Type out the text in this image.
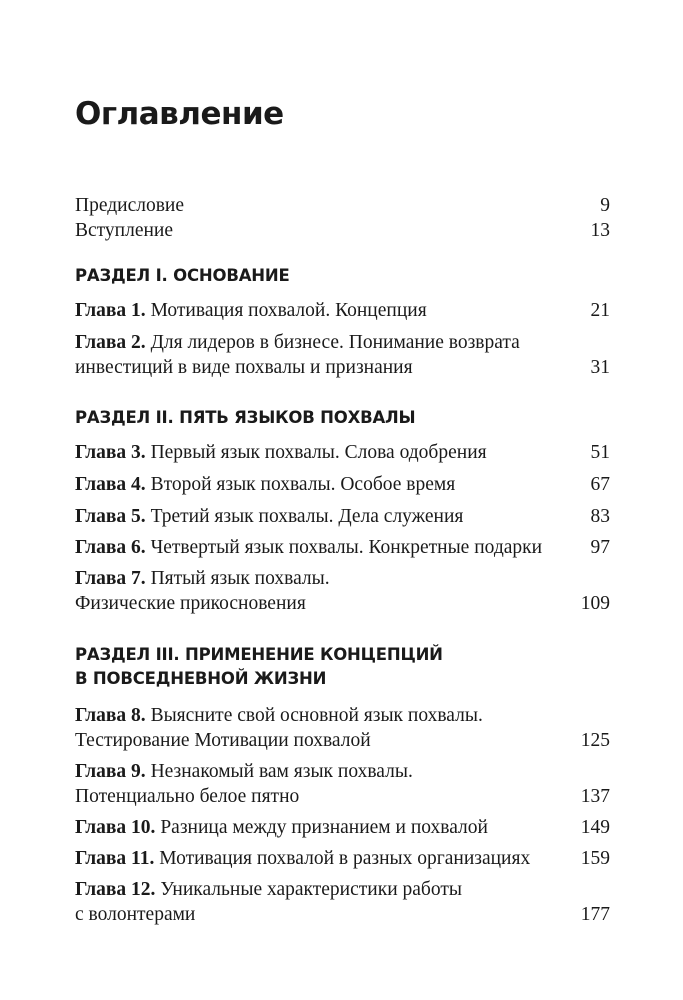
Оглавление
Предисловие	9
Вступление	13
РАЗДЕЛ I. ОСНОВАНИЕ
Глава 1. Мотивация похвалой. Концепция	21
Глава 2. Для лидеров в бизнесе. Понимание возврата
инвестиций в виде похвалы и признания	31
РАЗДЕЛ II. ПЯТЬ ЯЗЫКОВ ПОХВАЛЫ
Глава 3. Первый язык похвалы. Слова одобрения	51
Глава 4. Второй язык похвалы. Особое время	67
Глава 5. Третий язык похвалы. Дела служения	83
Глава 6. Четвертый язык похвалы. Конкретные подарки	97
Глава 7. Пятый язык похвалы.
Физические прикосновения	109
РАЗДЕЛ III. ПРИМЕНЕНИЕ КОНЦЕПЦИЙ
В ПОВСЕДНЕВНОЙ ЖИЗНИ
Глава 8. Выясните свой основной язык похвалы.
Тестирование Мотивации похвалой	125
Глава 9. Незнакомый вам язык похвалы.
Потенциально белое пятно	137
Глава 10. Разница между признанием и похвалой	149
Глава 11. Мотивация похвалой в разных организациях	159
Глава 12. Уникальные характеристики работы
с волонтерами	177
